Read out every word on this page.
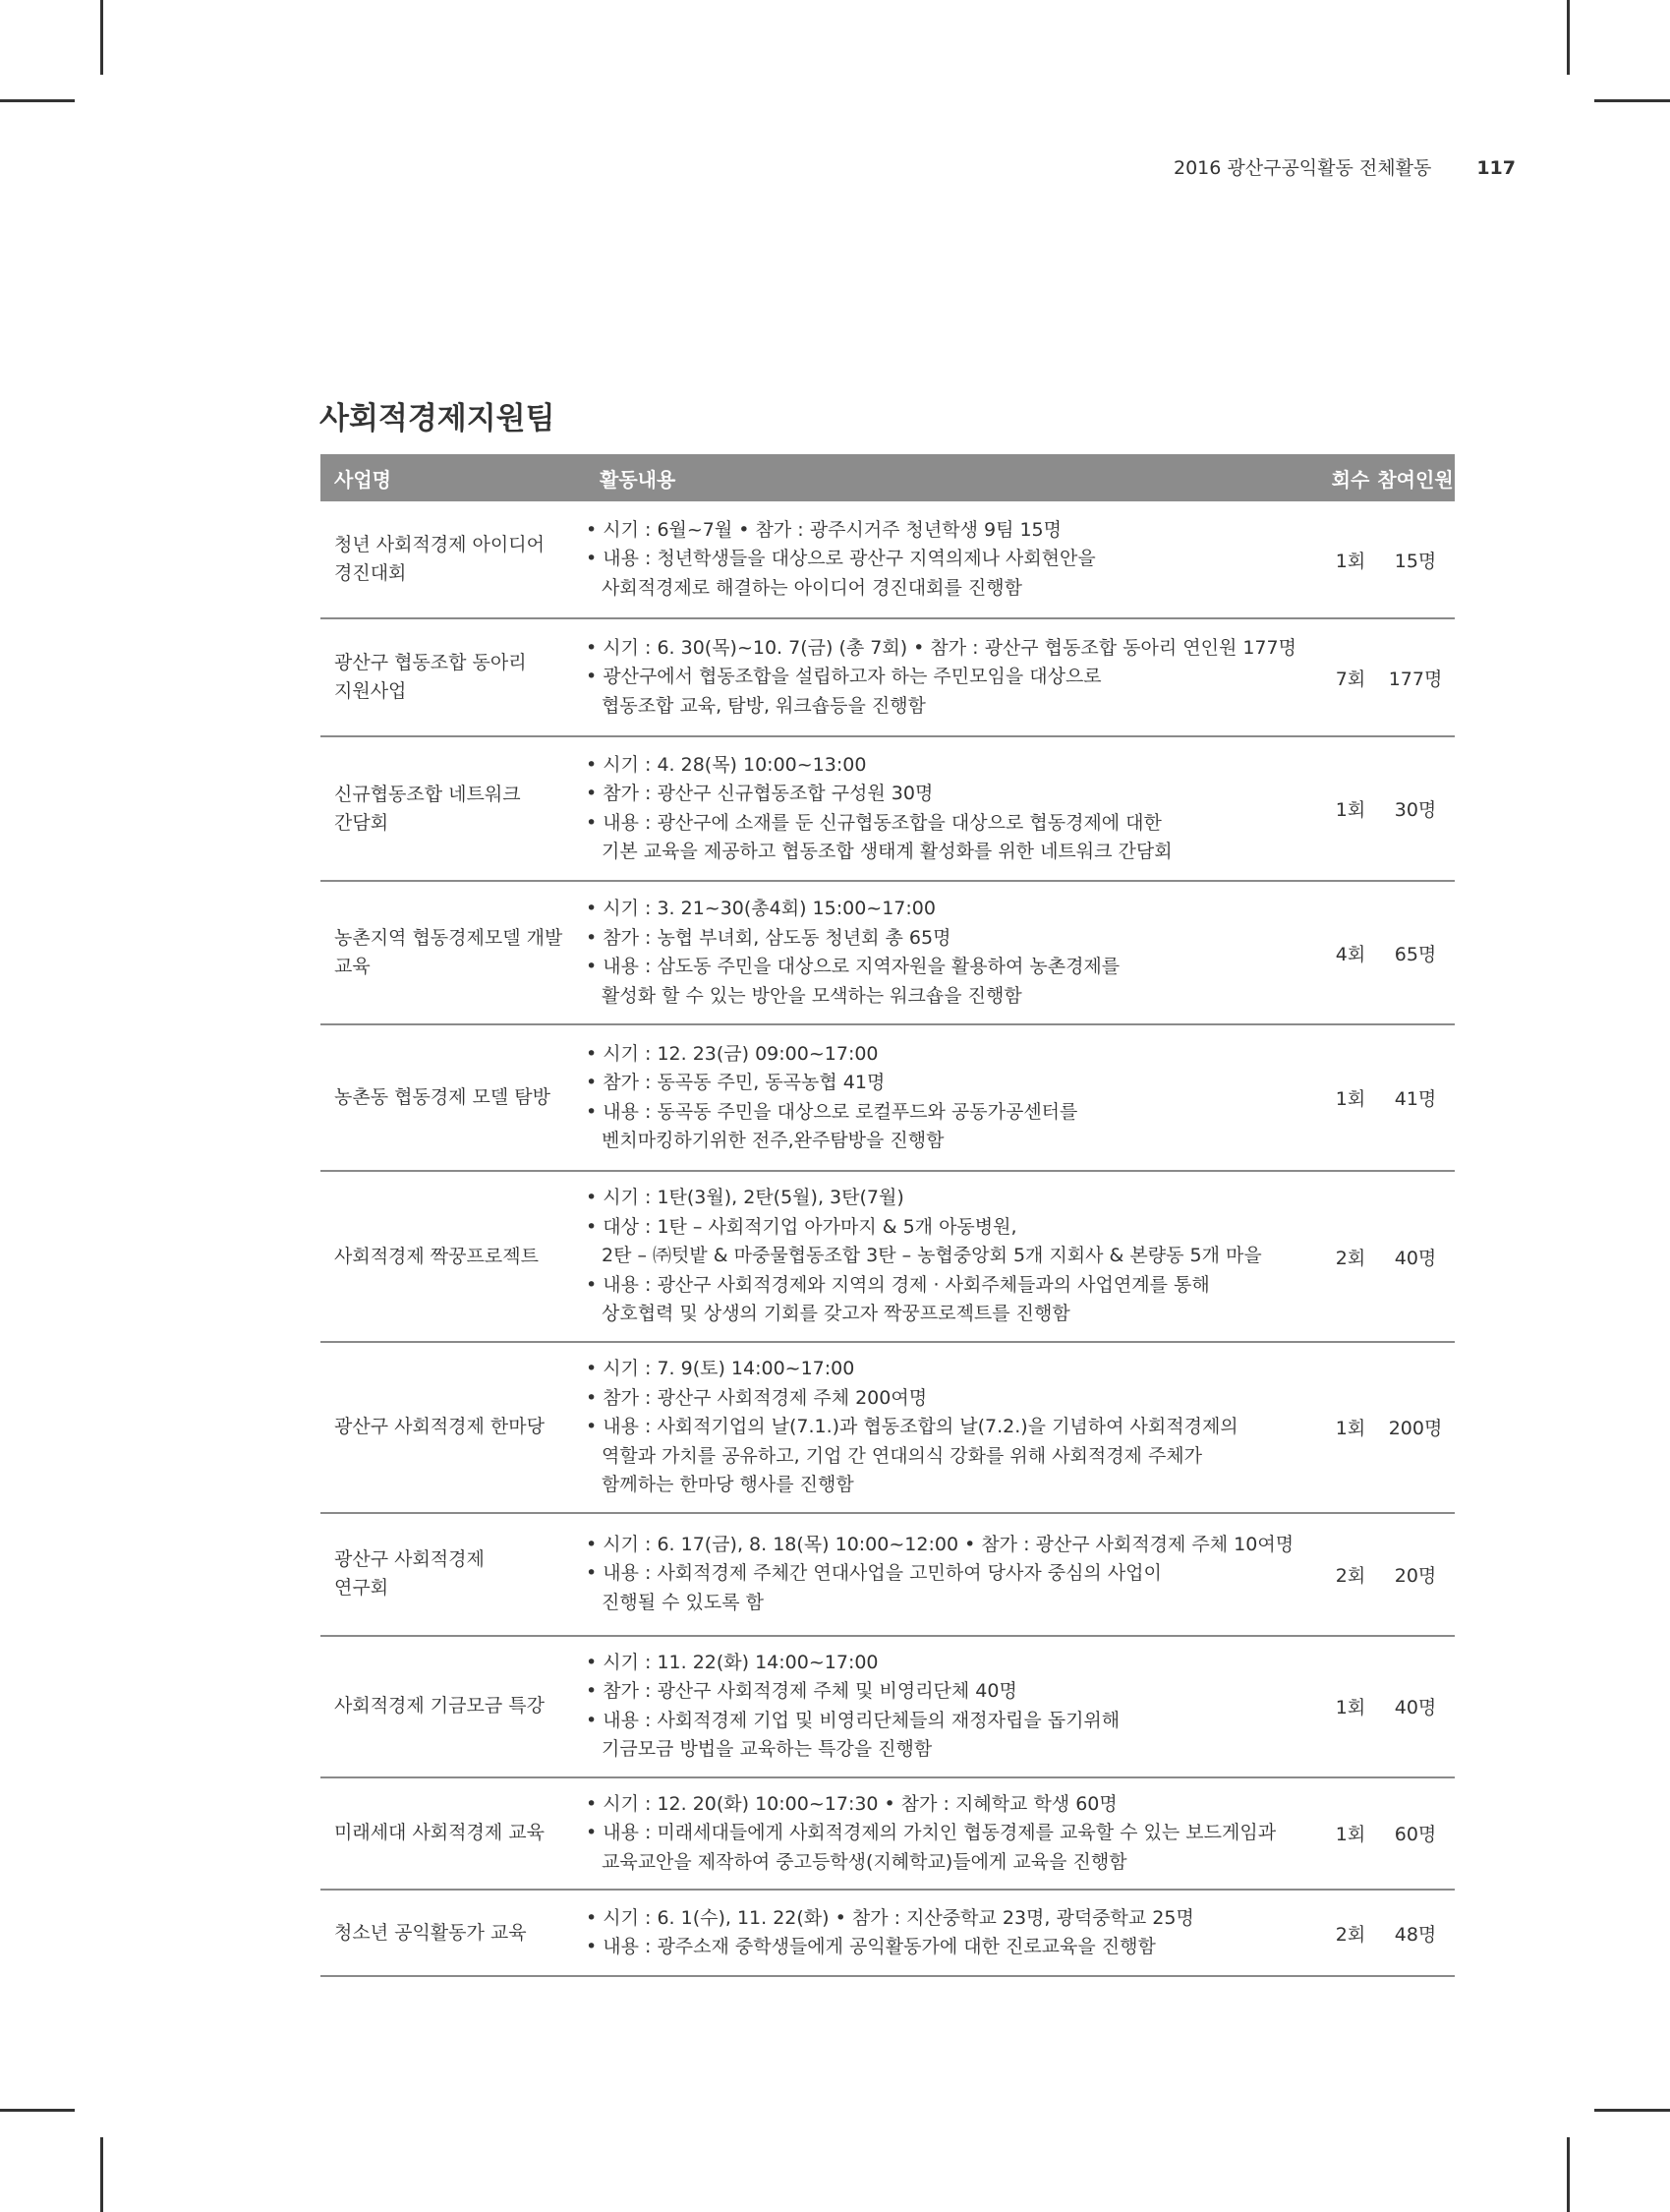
2016 광산구공익활동 전체활동 117
사회적경제지원팀
사업명	활동내용	회수	참여인원

청년 사회적경제 아이디어
경진대회	• 시기 : 6월~7월 • 참가 : 광주시거주 청년학생 9팀 15명
• 내용 : 청년학생들을 대상으로 광산구 지역의제나 사회현안을
사회적경제로 해결하는 아이디어 경진대회를 진행함	1회	15명

광산구 협동조합 동아리
지원사업	• 시기 : 6. 30(목)~10. 7(금) (총 7회) • 참가 : 광산구 협동조합 동아리 연인원 177명
• 광산구에서 협동조합을 설립하고자 하는 주민모임을 대상으로
협동조합 교육, 탐방, 워크숍등을 진행함	7회	177명

신규협동조합 네트워크
간담회	• 시기 : 4. 28(목) 10:00~13:00
• 참가 : 광산구 신규협동조합 구성원 30명
• 내용 : 광산구에 소재를 둔 신규협동조합을 대상으로 협동경제에 대한
기본 교육을 제공하고 협동조합 생태계 활성화를 위한 네트워크 간담회	1회	30명

농촌지역 협동경제모델 개발
교육	• 시기 : 3. 21~30(총4회) 15:00~17:00
• 참가 : 농협 부녀회, 삼도동 청년회 총 65명
• 내용 : 삼도동 주민을 대상으로 지역자원을 활용하여 농촌경제를
활성화 할 수 있는 방안을 모색하는 워크숍을 진행함	4회	65명

농촌동 협동경제 모델 탐방	• 시기 : 12. 23(금) 09:00~17:00
• 참가 : 동곡동 주민, 동곡농협 41명
• 내용 : 동곡동 주민을 대상으로 로컬푸드와 공동가공센터를
벤치마킹하기위한 전주,완주탐방을 진행함	1회	41명

사회적경제 짝꿍프로젝트	• 시기 : 1탄(3월), 2탄(5월), 3탄(7월)
• 대상 : 1탄 – 사회적기업 아가마지 & 5개 아동병원,
2탄 – ㈜텃밭 & 마중물협동조합 3탄 – 농협중앙회 5개 지회사 & 본량동 5개 마을
• 내용 : 광산구 사회적경제와 지역의 경제 · 사회주체들과의 사업연계를 통해
상호협력 및 상생의 기회를 갖고자 짝꿍프로젝트를 진행함	2회	40명

광산구 사회적경제 한마당	• 시기 : 7. 9(토) 14:00~17:00
• 참가 : 광산구 사회적경제 주체 200여명
• 내용 : 사회적기업의 날(7.1.)과 협동조합의 날(7.2.)을 기념하여 사회적경제의
역할과 가치를 공유하고, 기업 간 연대의식 강화를 위해 사회적경제 주체가
함께하는 한마당 행사를 진행함	1회	200명

광산구 사회적경제
연구회	• 시기 : 6. 17(금), 8. 18(목) 10:00~12:00 • 참가 : 광산구 사회적경제 주체 10여명
• 내용 : 사회적경제 주체간 연대사업을 고민하여 당사자 중심의 사업이
진행될 수 있도록 함	2회	20명

사회적경제 기금모금 특강	• 시기 : 11. 22(화) 14:00~17:00
• 참가 : 광산구 사회적경제 주체 및 비영리단체 40명
• 내용 : 사회적경제 기업 및 비영리단체들의 재정자립을 돕기위해
기금모금 방법을 교육하는 특강을 진행함	1회	40명

미래세대 사회적경제 교육	• 시기 : 12. 20(화) 10:00~17:30 • 참가 : 지혜학교 학생 60명
• 내용 : 미래세대들에게 사회적경제의 가치인 협동경제를 교육할 수 있는 보드게임과
교육교안을 제작하여 중고등학생(지혜학교)들에게 교육을 진행함	1회	60명

청소년 공익활동가 교육	• 시기 : 6. 1(수), 11. 22(화) • 참가 : 지산중학교 23명, 광덕중학교 25명
• 내용 : 광주소재 중학생들에게 공익활동가에 대한 진로교육을 진행함	2회	48명
